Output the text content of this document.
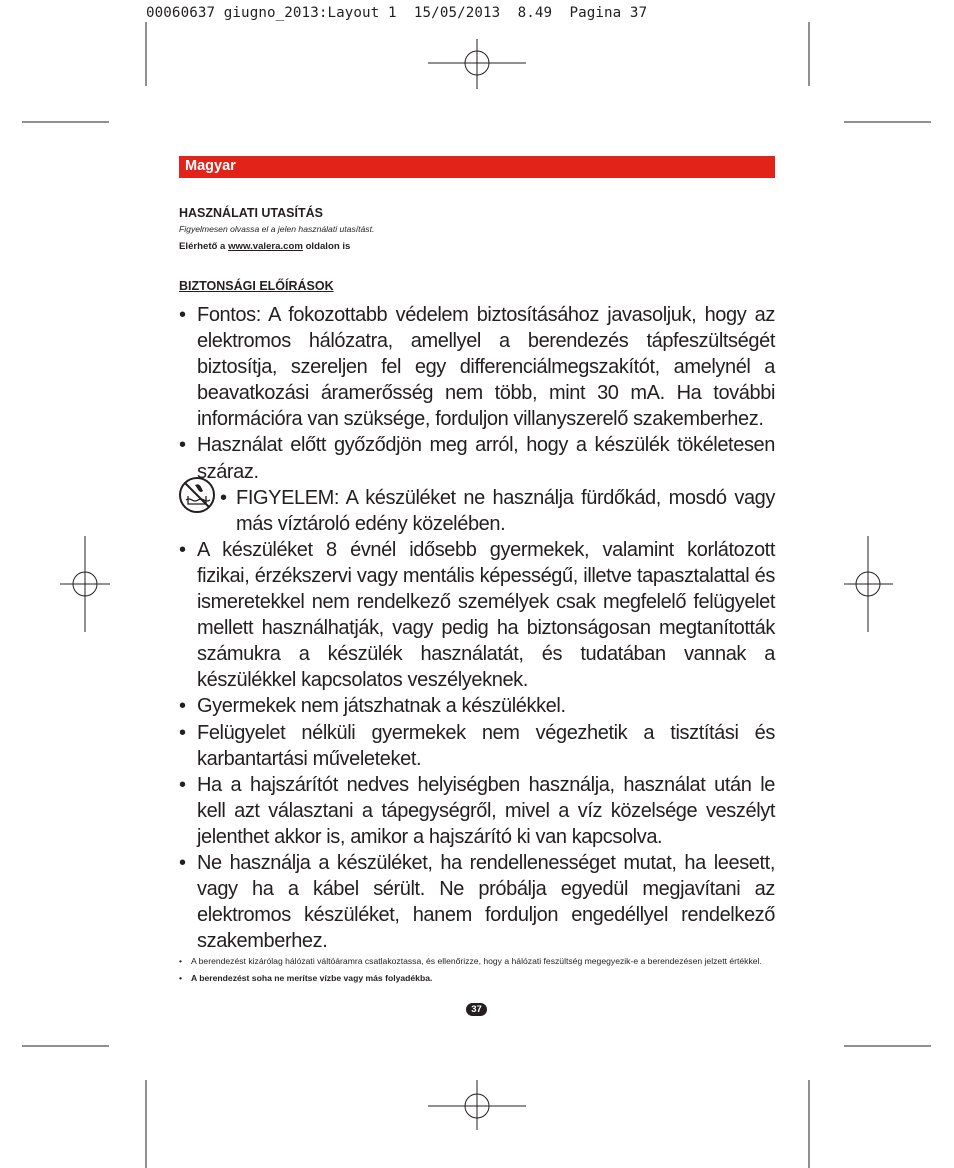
00060637 giugno_2013:Layout 1  15/05/2013  8.49  Pagina 37
Magyar
HASZNÁLATI UTASÍTÁS
Figyelmesen olvassa el a jelen használati utasítást.
Elérhető a www.valera.com oldalon is
BIZTONSÁGI ELŐÍRÁSOK
• Fontos: A fokozottabb védelem biztosításához javasoljuk, hogy az elektromos hálózatra, amellyel a berendezés tápfeszültségét biztosítja, szereljen fel egy differenciálmegszakítót, amelynél a beavatkozási áramerősség nem több, mint 30 mA. Ha további információra van szüksége, forduljon villanyszerelő szakemberhez.
• Használat előtt győződjön meg arról, hogy a készülék tökéletesen száraz.
• FIGYELEM: A készüléket ne használja fürdőkád, mosdó vagy más víztároló edény közelében.
• A készüléket 8 évnél idősebb gyermekek, valamint korlátozott fizikai, érzékszervi vagy mentális képességű, illetve tapasztalattal és ismeretekkel nem rendelkező személyek csak megfelelő felügyelet mellett használhatják, vagy pedig ha biztonságosan megtanították számukra a készülék használatát, és tudatában vannak a készülékkel kapcsolatos veszélyeknek.
• Gyermekek nem játszhatnak a készülékkel.
• Felügyelet nélküli gyermekek nem végezhetik a tisztítási és karbantartási műveleteket.
• Ha a hajszárítót nedves helyiségben használja, használat után le kell azt választani a tápegységről, mivel a víz közelsége veszélyt jelenthet akkor is, amikor a hajszárító ki van kapcsolva.
• Ne használja a készüléket, ha rendellenességet mutat, ha leesett, vagy ha a kábel sérült. Ne próbálja egyedül megjavítani az elektromos készüléket, hanem forduljon engedéllyel rendelkező szakemberhez.
• A berendezést kizárólag hálózati váltóáramra csatlakoztassa, és ellenőrizze, hogy a hálózati feszültség megegyezik-e a berendezésen jelzett értékkel.
• A berendezést soha ne merítse vízbe vagy más folyadékba.
37
